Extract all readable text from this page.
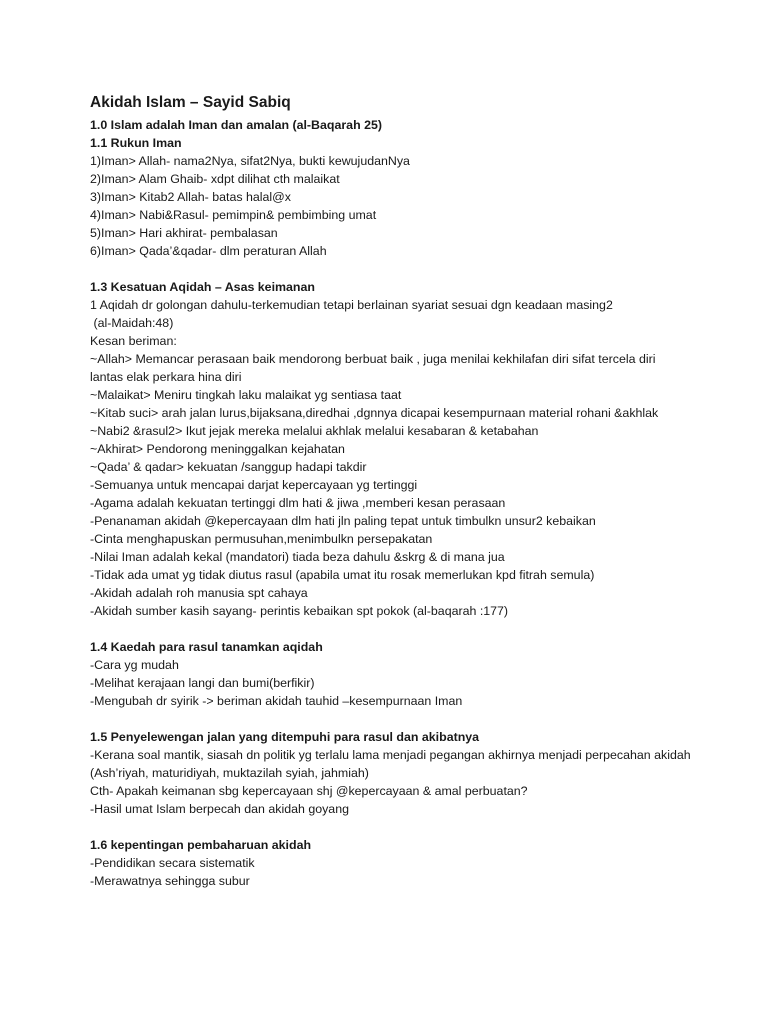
Akidah Islam – Sayid Sabiq
1.0 Islam adalah Iman dan amalan (al-Baqarah 25)
1.1 Rukun Iman
1)Iman> Allah- nama2Nya, sifat2Nya, bukti kewujudanNya
2)Iman> Alam Ghaib- xdpt dilihat cth malaikat
3)Iman> Kitab2 Allah- batas halal@x
4)Iman> Nabi&Rasul- pemimpin& pembimbing umat
5)Iman> Hari akhirat- pembalasan
6)Iman> Qada’&qadar- dlm peraturan Allah
1.3 Kesatuan Aqidah – Asas keimanan
1 Aqidah dr golongan dahulu-terkemudian tetapi berlainan syariat sesuai dgn keadaan masing2
(al-Maidah:48)
Kesan beriman:
~Allah> Memancar perasaan baik mendorong berbuat baik , juga menilai kekhilafan diri sifat tercela diri lantas elak perkara hina diri
~Malaikat> Meniru tingkah laku malaikat yg sentiasa taat
~Kitab suci> arah jalan lurus,bijaksana,diredhai ,dgnnya dicapai kesempurnaan material rohani &akhlak
~Nabi2 &rasul2> Ikut jejak mereka melalui akhlak melalui kesabaran & ketabahan
~Akhirat> Pendorong meninggalkan kejahatan
~Qada’ & qadar> kekuatan /sanggup hadapi takdir
-Semuanya untuk mencapai darjat kepercayaan yg tertinggi
-Agama adalah kekuatan tertinggi dlm hati & jiwa ,memberi kesan perasaan
-Penanaman akidah @kepercayaan dlm hati jln paling tepat untuk timbulkn unsur2 kebaikan
-Cinta menghapuskan permusuhan,menimbulkn persepakatan
-Nilai Iman adalah kekal (mandatori) tiada beza dahulu &skrg & di mana jua
-Tidak ada umat yg tidak diutus rasul (apabila umat itu rosak memerlukan kpd fitrah semula)
-Akidah adalah roh manusia spt cahaya
-Akidah sumber kasih sayang- perintis kebaikan spt pokok (al-baqarah :177)
1.4 Kaedah para rasul tanamkan aqidah
-Cara yg mudah
-Melihat kerajaan langi dan bumi(berfikir)
-Mengubah dr syirik -> beriman akidah tauhid –kesempurnaan Iman
1.5 Penyelewengan jalan yang ditempuhi para rasul dan akibatnya
-Kerana soal mantik, siasah dn politik yg terlalu lama menjadi pegangan akhirnya menjadi perpecahan akidah
(Ash’riyah, maturidiyah, muktazilah syiah, jahmiah)
Cth- Apakah keimanan sbg kepercayaan shj @kepercayaan & amal perbuatan?
-Hasil umat Islam berpecah dan akidah goyang
1.6 kepentingan pembaharuan akidah
-Pendidikan secara sistematik
-Merawatnya sehingga subur
